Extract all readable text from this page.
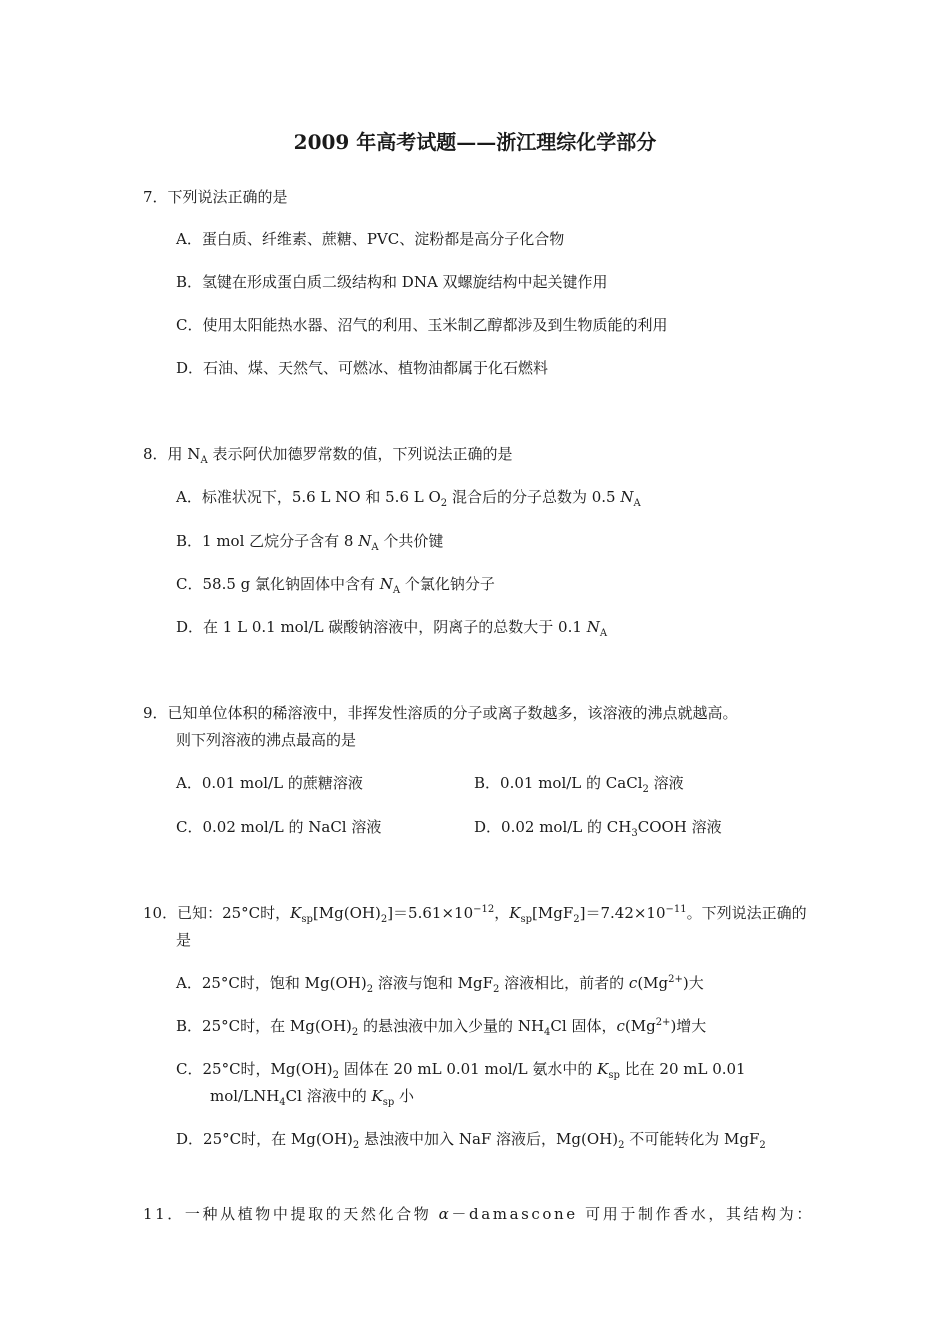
2009 年高考试题——浙江理综化学部分
7．下列说法正确的是
A．蛋白质、纤维素、蔗糖、PVC、淀粉都是高分子化合物
B．氢键在形成蛋白质二级结构和 DNA 双螺旋结构中起关键作用
C．使用太阳能热水器、沼气的利用、玉米制乙醇都涉及到生物质能的利用
D．石油、煤、天然气、可燃冰、植物油都属于化石燃料
8．用 $N_A$ 表示阿伏加德罗常数的值，下列说法正确的是
A．标准状况下，5.6 L NO 和 5.6 L $O_2$ 混合后的分子总数为 0.5 $N_A$
B．1 mol 乙烷分子含有 8 $N_A$ 个共价键
C．58.5 g 氯化钠固体中含有 $N_A$ 个氯化钠分子
D．在 1 L 0.1 mol/L 碳酸钠溶液中，阴离子的总数大于 0.1 $N_A$
9．已知单位体积的稀溶液中，非挥发性溶质的分子或离子数越多，该溶液的沸点就越高。
则下列溶液的沸点最高的是
A．0.01 mol/L 的蔗糖溶液	B．0.01 mol/L 的 CaCl$_2$ 溶液
C．0.02 mol/L 的 NaCl 溶液	D．0.02 mol/L 的 $CH_3COOH$ 溶液
10．已知：25°C时，$K_{sp}[Mg(OH)_2]=5.61\times 10^{-12}$，$K_{sp}[MgF_2]=7.42\times 10^{-11}$。下列说法正确的
是
A．25°C时，饱和 $Mg(OH)_2$ 溶液与饱和 MgF$_2$ 溶液相比，前者的 $c(Mg^{2+})$大
B．25°C时，在 $Mg(OH)_2$ 的悬浊液中加入少量的 $NH_4Cl$ 固体，$c(Mg^{2+})$增大
C．25°C时，$Mg(OH)_2$ 固体在 20 mL 0.01 mol/L 氨水中的 $K_{sp}$ 比在 20 mL 0.01
mol/$LNH_4Cl$ 溶液中的 $K_{sp}$ 小
D．25°C时，在 $Mg(OH)_2$ 悬浊液中加入 NaF 溶液后，$Mg(OH)_2$ 不可能转化为 MgF$_2$
11．一种从植物中提取的天然化合物 α－damascone 可用于制作香水，其结构为：
